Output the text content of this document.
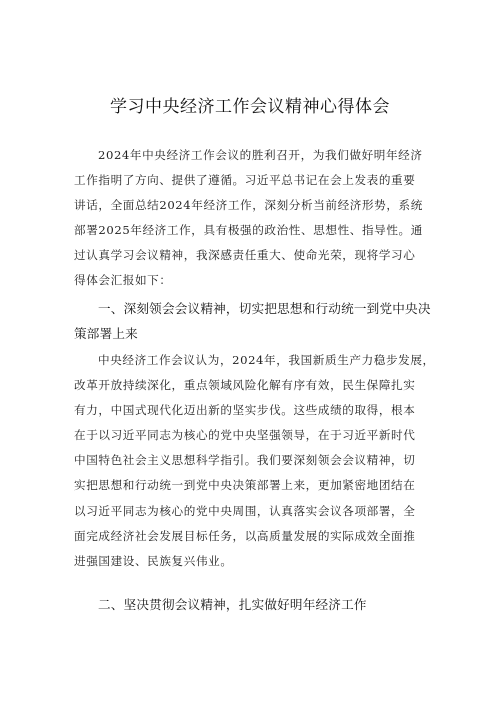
学习中央经济工作会议精神心得体会
2024年中央经济工作会议的胜利召开，为我们做好明年经济
工作指明了方向、提供了遵循。习近平总书记在会上发表的重要
讲话，全面总结2024年经济工作，深刻分析当前经济形势，系统
部署2025年经济工作，具有极强的政治性、思想性、指导性。通
过认真学习会议精神，我深感责任重大、使命光荣，现将学习心
得体会汇报如下：
一、深刻领会会议精神，切实把思想和行动统一到党中央决
策部署上来
中央经济工作会议认为，2024年，我国新质生产力稳步发展，
改革开放持续深化，重点领域风险化解有序有效，民生保障扎实
有力，中国式现代化迈出新的坚实步伐。这些成绩的取得，根本
在于以习近平同志为核心的党中央坚强领导，在于习近平新时代
中国特色社会主义思想科学指引。我们要深刻领会会议精神，切
实把思想和行动统一到党中央决策部署上来，更加紧密地团结在
以习近平同志为核心的党中央周围，认真落实会议各项部署，全
面完成经济社会发展目标任务，以高质量发展的实际成效全面推
进强国建设、民族复兴伟业。
二、坚决贯彻会议精神，扎实做好明年经济工作
